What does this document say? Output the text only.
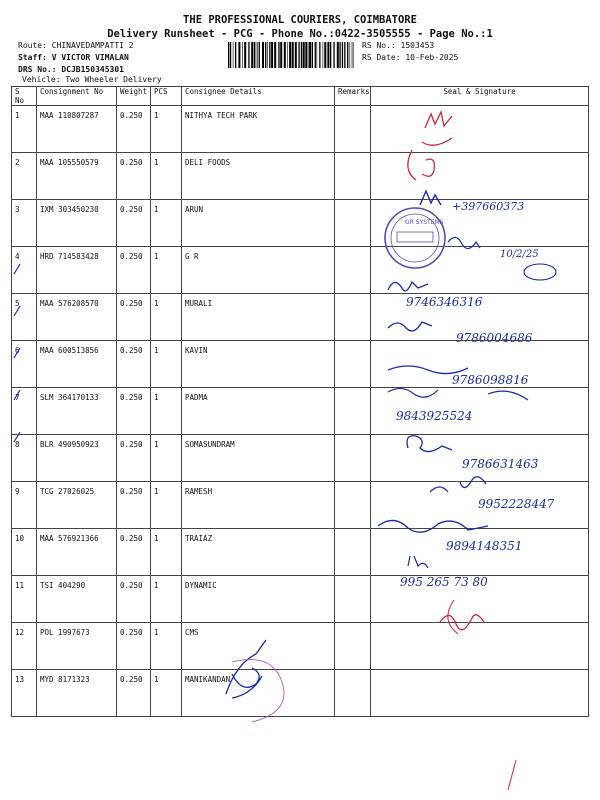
THE PROFESSIONAL COURIERS, COIMBATORE
Delivery Runsheet - PCG - Phone No.:0422-3505555 - Page No.:1
Route: CHINAVEDAMPATTI 2
Staff: V VICTOR VIMALAN
DRS No.: DCJB150345301
Vehicle: Two Wheeler Delivery
RS No.: 1503453
RS Date: 10-Feb-2025
S No	Consignment No	Weight	PCS	Consignee Details	Remarks	Seal & Signature
1	MAA 110807287	0.250	1	NITHYA TECH PARK		
2	MAA 105550579	0.250	1	DELI FOODS		
3	IXM 303450230	0.250	1	ARUN		
4	HRD 714583428	0.250	1	G R		
5	MAA 576208570	0.250	1	MURALI		
6	MAA 600513856	0.250	1	KAVIN		
7	SLM 364170133	0.250	1	PADMA		
8	BLR 490950923	0.250	1	SOMASUNDRAM		
9	TCG 27026025	0.250	1	RAMESH		
10	MAA 576921366	0.250	1	TRAIAZ		
11	TSI 404290	0.250	1	DYNAMIC		
12	POL 1997673	0.250	1	CMS		
13	MYD 8171323	0.250	1	MANIKANDAN		
+397660373
GR SYSTEMS
10/2/25
9746346316
9786004686
9786098816
9843925524
9786631463
9952228447
9894148351
995 265 73 80
